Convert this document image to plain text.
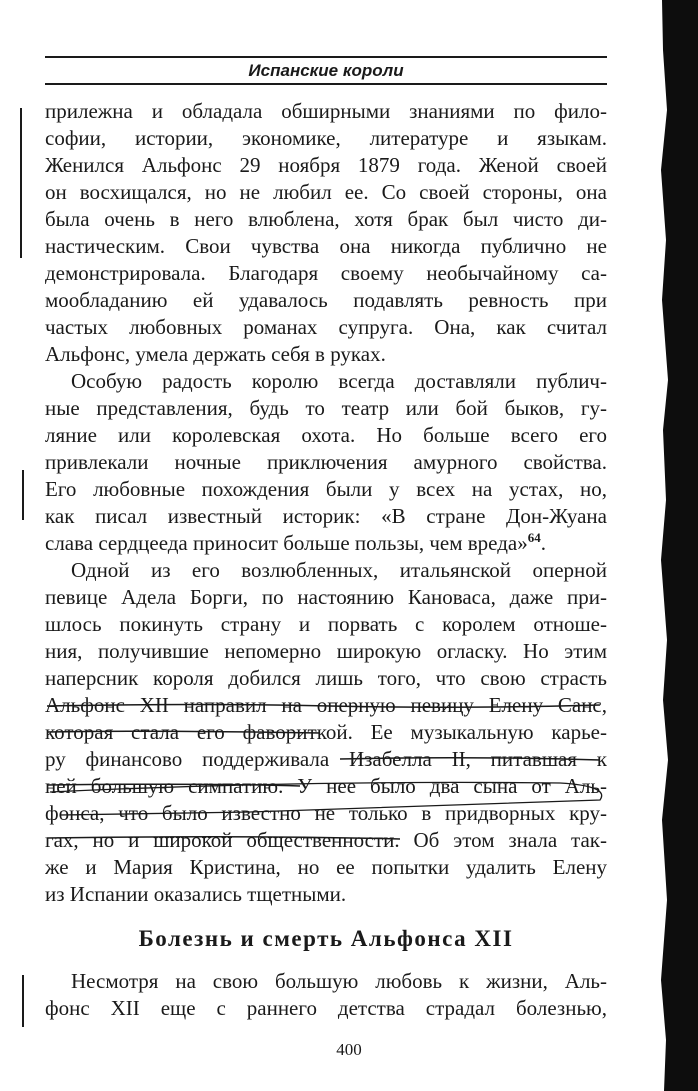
Испанские короли
прилежна и обладала обширными знаниями по фило-
софии, истории, экономике, литературе и языкам.
Женился Альфонс 29 ноября 1879 года. Женой своей
он восхищался, но не любил ее. Со своей стороны, она
была очень в него влюблена, хотя брак был чисто ди-
настическим. Свои чувства она никогда публично не
демонстрировала. Благодаря своему необычайному са-
мообладанию ей удавалось подавлять ревность при
частых любовных романах супруга. Она, как считал
Альфонс, умела держать себя в руках.
Особую радость королю всегда доставляли публич-
ные представления, будь то театр или бой быков, гу-
ляние или королевская охота. Но больше всего его
привлекали ночные приключения амурного свойства.
Его любовные похождения были у всех на устах, но,
как писал известный историк: «В стране Дон-Жуана
слава сердцееда приносит больше пользы, чем вреда»$^{64}$.
Одной из его возлюбленных, итальянской оперной
певице Адела Борги, по настоянию Кановаса, даже при-
шлось покинуть страну и порвать с королем отноше-
ния, получившие непомерно широкую огласку. Но этим
наперсник короля добился лишь того, что свою страсть
Альфонс XII направил на оперную певицу Елену Санс,
которая стала его фавориткой. Ее музыкальную карье-
ру финансово поддерживала Изабелла II, питавшая к
ней большую симпатию. У нее было два сына от Аль-
фонса, что было известно не только в придворных кру-
гах, но и широкой общественности. Об этом знала так-
же и Мария Кристина, но ее попытки удалить Елену
из Испании оказались тщетными.
Болезнь и смерть Альфонса XII
Несмотря на свою большую любовь к жизни, Аль-
фонс XII еще с раннего детства страдал болезнью,
400
